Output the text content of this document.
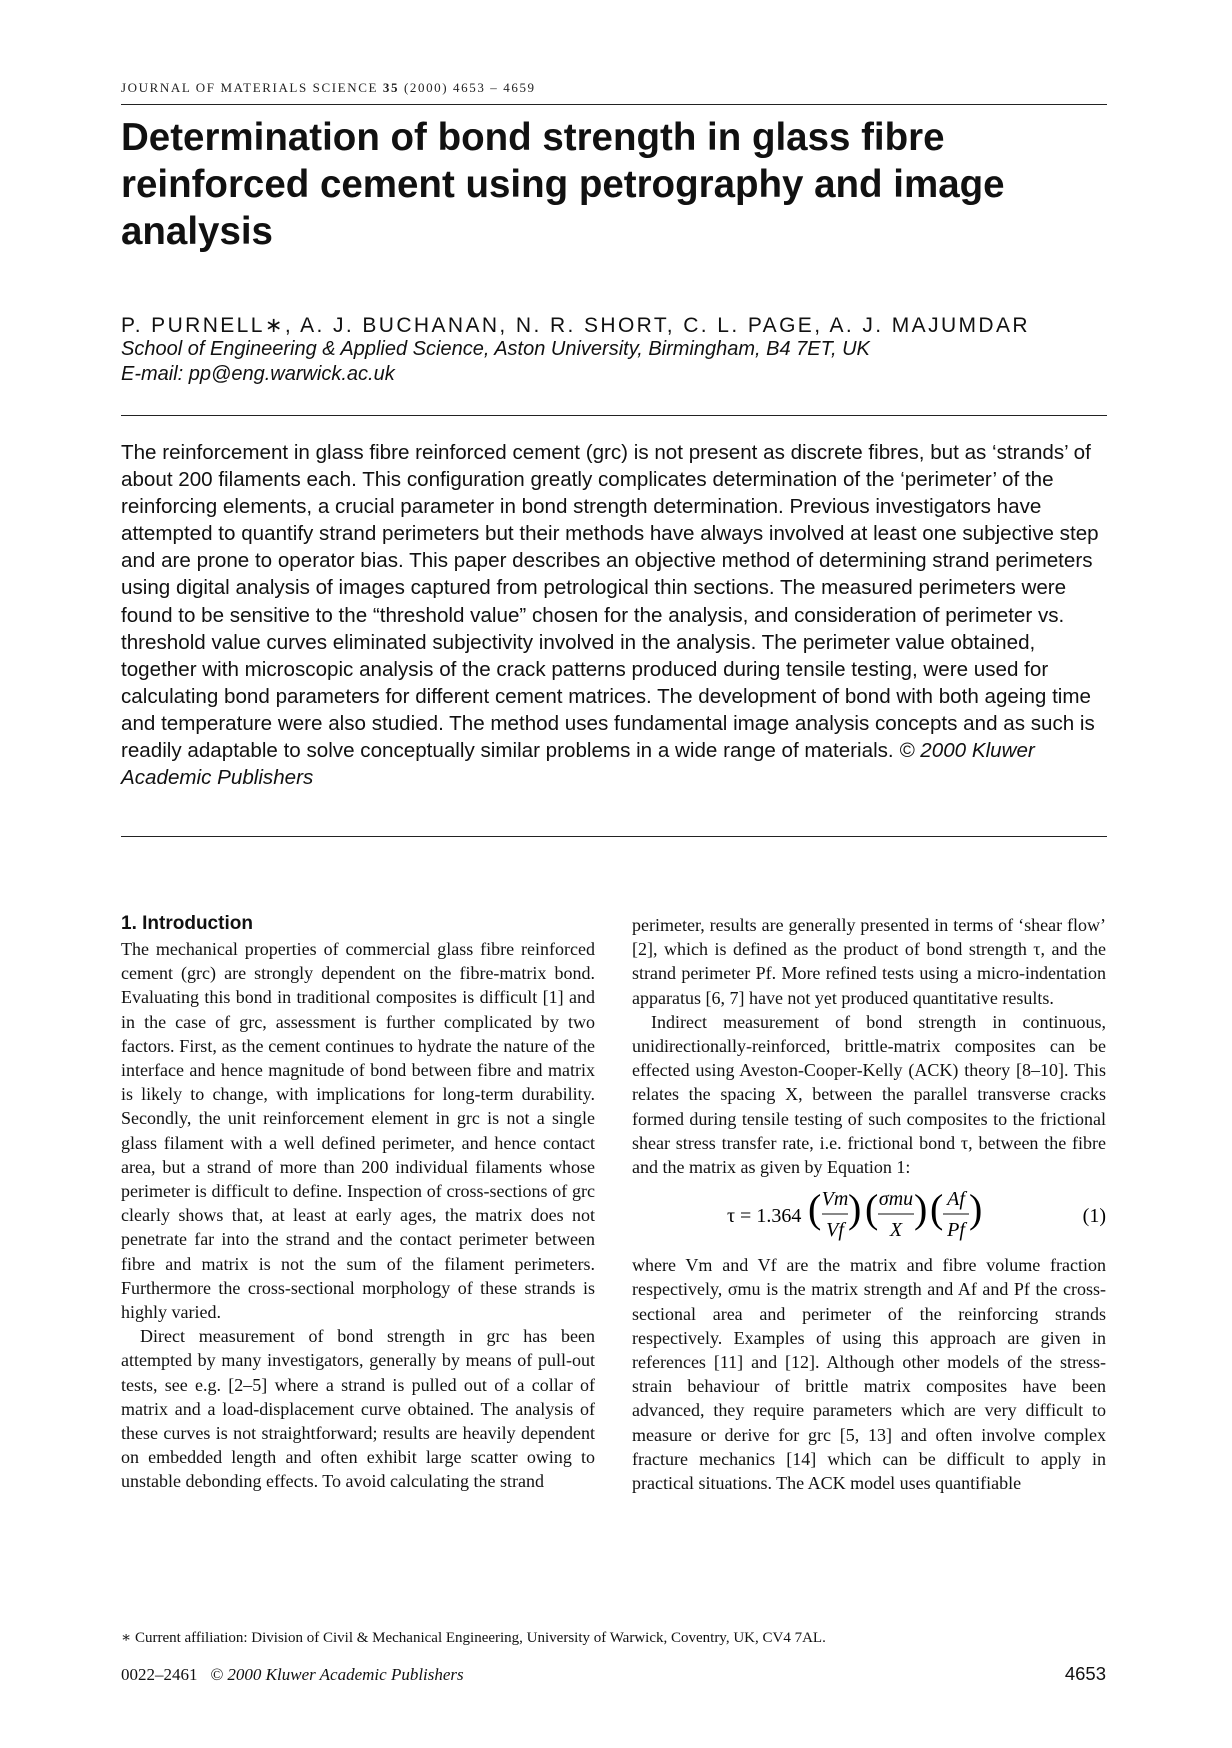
JOURNAL OF MATERIALS SCIENCE 35 (2000) 4653 – 4659
Determination of bond strength in glass fibre reinforced cement using petrography and image analysis
P. PURNELL∗, A. J. BUCHANAN, N. R. SHORT, C. L. PAGE, A. J. MAJUMDAR
School of Engineering & Applied Science, Aston University, Birmingham, B4 7ET, UK
E-mail: pp@eng.warwick.ac.uk

The reinforcement in glass fibre reinforced cement (grc) is not present as discrete fibres, but as ‘strands’ of about 200 filaments each. This configuration greatly complicates determination of the ‘perimeter’ of the reinforcing elements, a crucial parameter in bond strength determination. Previous investigators have attempted to quantify strand perimeters but their methods have always involved at least one subjective step and are prone to operator bias. This paper describes an objective method of determining strand perimeters using digital analysis of images captured from petrological thin sections. The measured perimeters were found to be sensitive to the “threshold value” chosen for the analysis, and consideration of perimeter vs. threshold value curves eliminated subjectivity involved in the analysis. The perimeter value obtained, together with microscopic analysis of the crack patterns produced during tensile testing, were used for calculating bond parameters for different cement matrices. The development of bond with both ageing time and temperature were also studied. The method uses fundamental image analysis concepts and as such is readily adaptable to solve conceptually similar problems in a wide range of materials. © 2000 Kluwer Academic Publishers

1. Introduction

The mechanical properties of commercial glass fibre reinforced cement (grc) are strongly dependent on the fibre-matrix bond. Evaluating this bond in traditional composites is difficult [1] and in the case of grc, assessment is further complicated by two factors. First, as the cement continues to hydrate the nature of the interface and hence magnitude of bond between fibre and matrix is likely to change, with implications for long-term durability. Secondly, the unit reinforcement element in grc is not a single glass filament with a well defined perimeter, and hence contact area, but a strand of more than 200 individual filaments whose perimeter is difficult to define. Inspection of cross-sections of grc clearly shows that, at least at early ages, the matrix does not penetrate far into the strand and the contact perimeter between fibre and matrix is not the sum of the filament perimeters. Furthermore the cross-sectional morphology of these strands is highly varied.

Direct measurement of bond strength in grc has been attempted by many investigators, generally by means of pull-out tests, see e.g. [2–5] where a strand is pulled out of a collar of matrix and a load-displacement curve obtained. The analysis of these curves is not straightforward; results are heavily dependent on embedded length and often exhibit large scatter owing to unstable debonding effects. To avoid calculating the strand

perimeter, results are generally presented in terms of ‘shear flow’ [2], which is defined as the product of bond strength τ, and the strand perimeter Pf. More refined tests using a micro-indentation apparatus [6, 7] have not yet produced quantitative results.

Indirect measurement of bond strength in continuous, unidirectionally-reinforced, brittle-matrix composites can be effected using Aveston-Cooper-Kelly (ACK) theory [8–10]. This relates the spacing X, between the parallel transverse cracks formed during tensile testing of such composites to the frictional shear stress transfer rate, i.e. frictional bond τ, between the fibre and the matrix as given by Equation 1:

τ = 1.364 ( Vm
Vf ) ( σmu
X ) ( Af
Pf )	(1)

where Vm and Vf are the matrix and fibre volume fraction respectively, σmu is the matrix strength and Af and Pf the cross-sectional area and perimeter of the reinforcing strands respectively. Examples of using this approach are given in references [11] and [12]. Although other models of the stress-strain behaviour of brittle matrix composites have been advanced, they require parameters which are very difficult to measure or derive for grc [5, 13] and often involve complex fracture mechanics [14] which can be difficult to apply in practical situations. The ACK model uses quantifiable

∗ Current affiliation: Division of Civil & Mechanical Engineering, University of Warwick, Coventry, UK, CV4 7AL.
0022–2461 © 2000 Kluwer Academic Publishers	4653
